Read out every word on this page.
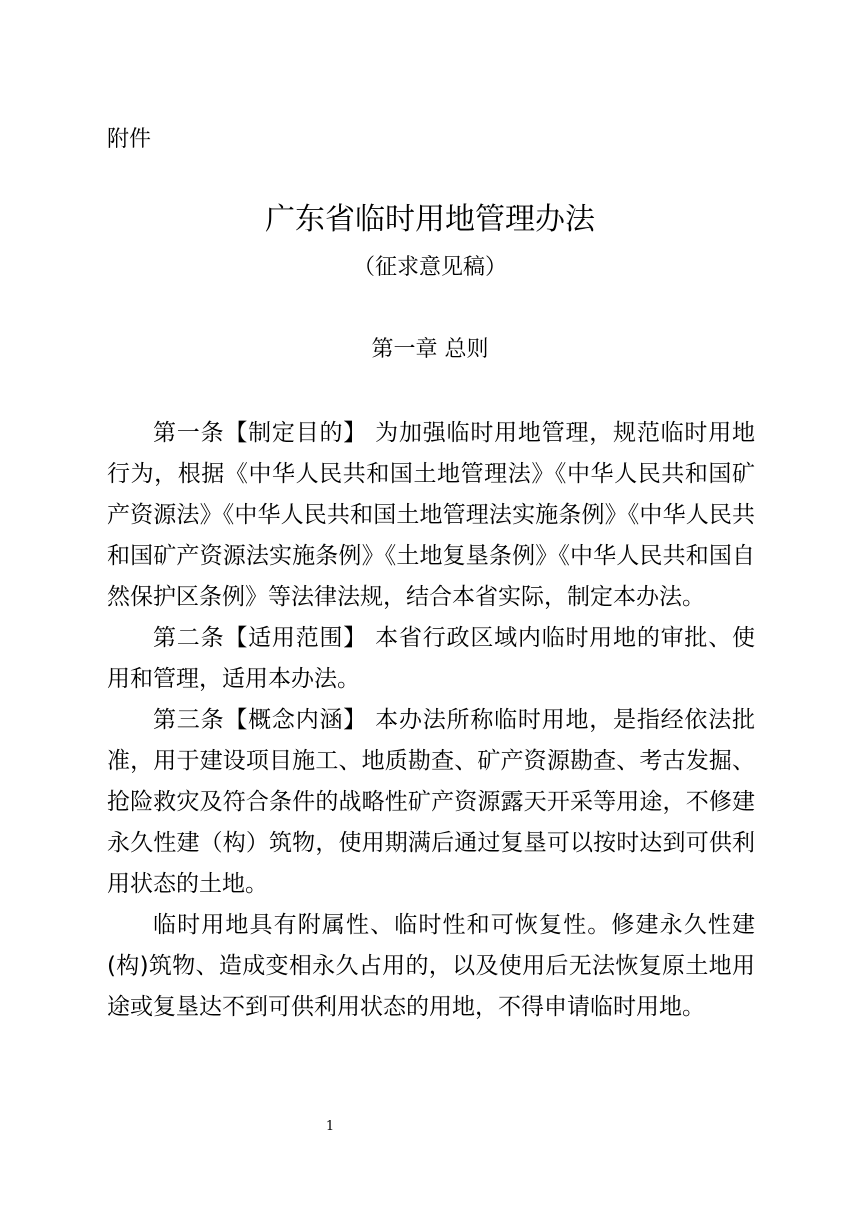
附件
广东省临时用地管理办法
（征求意见稿）
第一章 总则

第一条【制定目的】 为加强临时用地管理，规范临时用地行为，根据《中华人民共和国土地管理法》《中华人民共和国矿产资源法》《中华人民共和国土地管理法实施条例》《中华人民共和国矿产资源法实施条例》《土地复垦条例》《中华人民共和国自然保护区条例》等法律法规，结合本省实际，制定本办法。

第二条【适用范围】 本省行政区域内临时用地的审批、使用和管理，适用本办法。

第三条【概念内涵】 本办法所称临时用地，是指经依法批准，用于建设项目施工、地质勘查、矿产资源勘查、考古发掘、抢险救灾及符合条件的战略性矿产资源露天开采等用途，不修建永久性建（构）筑物，使用期满后通过复垦可以按时达到可供利用状态的土地。

临时用地具有附属性、临时性和可恢复性。修建永久性建(构)筑物、造成变相永久占用的，以及使用后无法恢复原土地用途或复垦达不到可供利用状态的用地，不得申请临时用地。

1
